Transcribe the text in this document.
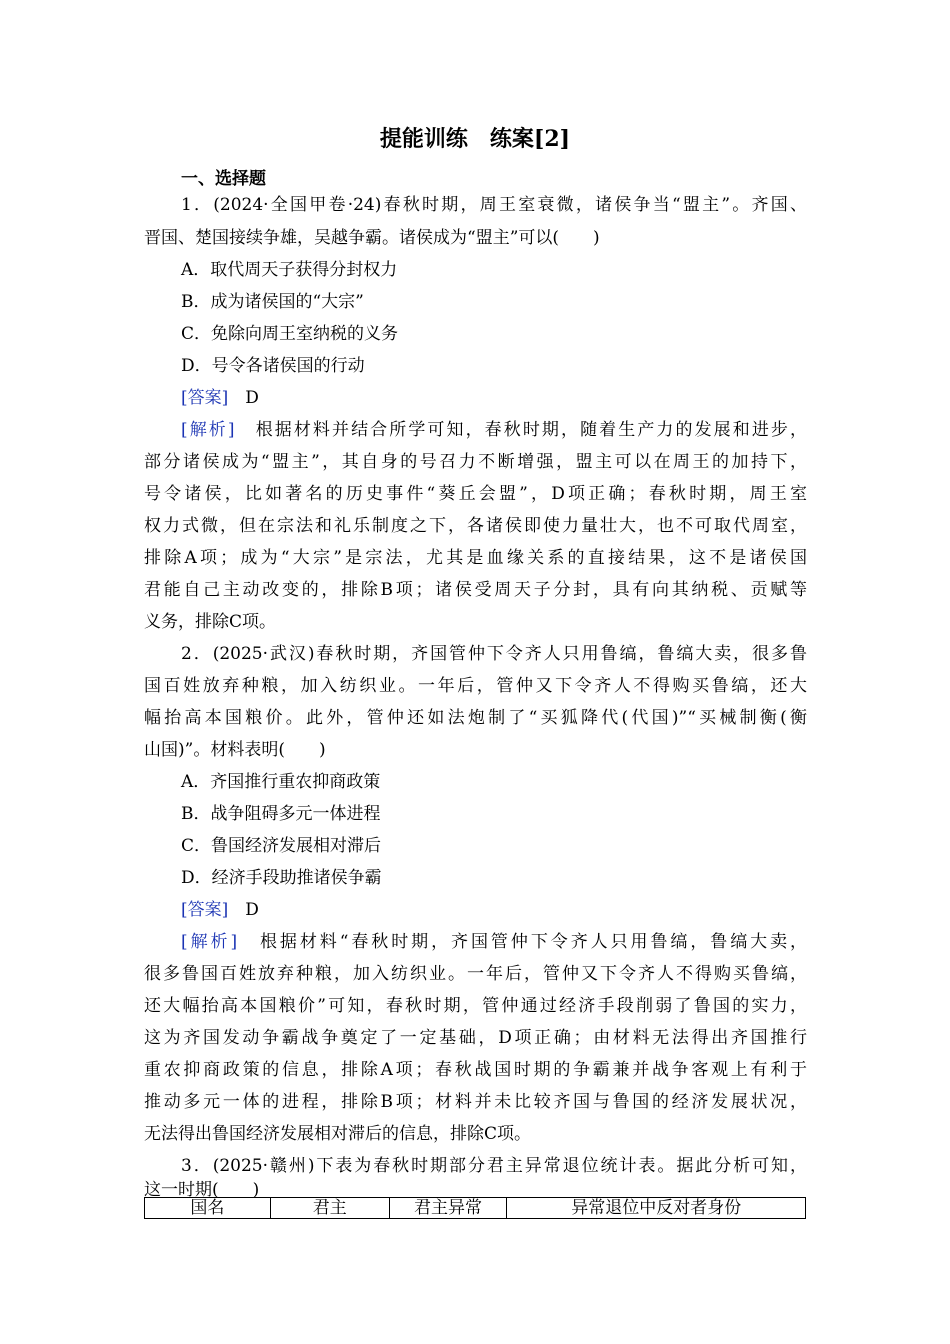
提能训练　练案[2]
一、选择题
1．(2024·全国甲卷·24)春秋时期，周王室衰微，诸侯争当“盟主”。齐国、
晋国、楚国接续争雄，吴越争霸。诸侯成为“盟主”可以(　　)
A．取代周天子获得分封权力
B．成为诸侯国的“大宗”
C．免除向周王室纳税的义务
D．号令各诸侯国的行动
[答案]　 D
[解析]　 根据材料并结合所学可知，春秋时期，随着生产力的发展和进步，
部分诸侯成为“盟主”，其自身的号召力不断增强，盟主可以在周王的加持下，
号令诸侯，比如著名的历史事件“葵丘会盟”，D项正确；春秋时期，周王室
权力式微，但在宗法和礼乐制度之下，各诸侯即使力量壮大，也不可取代周室，
排除A项；成为“大宗”是宗法，尤其是血缘关系的直接结果，这不是诸侯国
君能自己主动改变的，排除B项；诸侯受周天子分封，具有向其纳税、贡赋等
义务，排除C项。
2．(2025·武汉)春秋时期，齐国管仲下令齐人只用鲁缟，鲁缟大卖，很多鲁
国百姓放弃种粮，加入纺织业。一年后，管仲又下令齐人不得购买鲁缟，还大
幅抬高本国粮价。此外，管仲还如法炮制了“买狐降代(代国)”“买械制衡(衡
山国)”。材料表明(　　)
A．齐国推行重农抑商政策
B．战争阻碍多元一体进程
C．鲁国经济发展相对滞后
D．经济手段助推诸侯争霸
[答案]　 D
[解析]　 根据材料“春秋时期，齐国管仲下令齐人只用鲁缟，鲁缟大卖，
很多鲁国百姓放弃种粮，加入纺织业。一年后，管仲又下令齐人不得购买鲁缟，
还大幅抬高本国粮价”可知，春秋时期，管仲通过经济手段削弱了鲁国的实力，
这为齐国发动争霸战争奠定了一定基础，D项正确；由材料无法得出齐国推行
重农抑商政策的信息，排除A项；春秋战国时期的争霸兼并战争客观上有利于
推动多元一体的进程，排除B项；材料并未比较齐国与鲁国的经济发展状况，
无法得出鲁国经济发展相对滞后的信息，排除C项。
3．(2025·赣州)下表为春秋时期部分君主异常退位统计表。据此分析可知，
这一时期(　　)
国名	君主	君主异常	异常退位中反对者身份
